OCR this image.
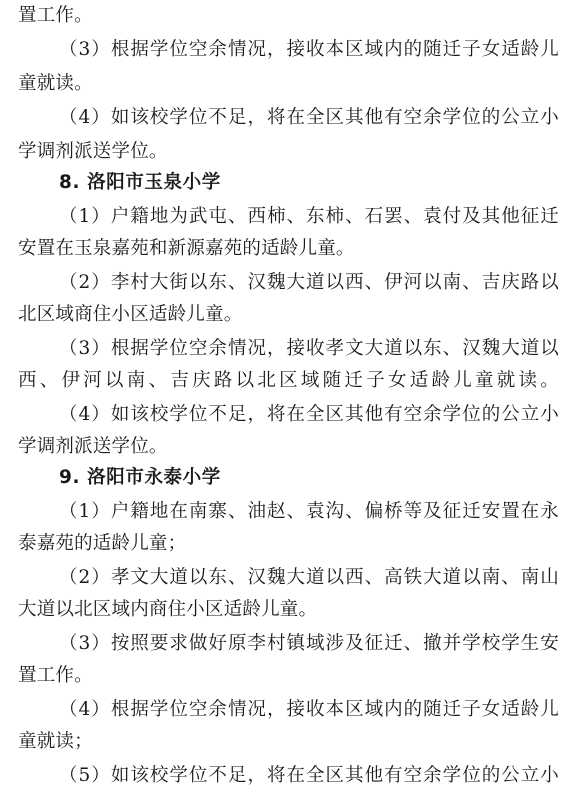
置工作。
（3）根据学位空余情况，接收本区域内的随迁子女适龄儿
童就读。
（4）如该校学位不足，将在全区其他有空余学位的公立小
学调剂派送学位。
8. 洛阳市玉泉小学
（1）户籍地为武屯、西柿、东柿、石罢、袁付及其他征迁
安置在玉泉嘉苑和新源嘉苑的适龄儿童。
（2）李村大街以东、汉魏大道以西、伊河以南、吉庆路以
北区域商住小区适龄儿童。
（3）根据学位空余情况，接收孝文大道以东、汉魏大道以
西、伊河以南、吉庆路以北区域随迁子女适龄儿童就读。
（4）如该校学位不足，将在全区其他有空余学位的公立小
学调剂派送学位。
9. 洛阳市永泰小学
（1）户籍地在南寨、油赵、袁沟、偏桥等及征迁安置在永
泰嘉苑的适龄儿童；
（2）孝文大道以东、汉魏大道以西、高铁大道以南、南山
大道以北区域内商住小区适龄儿童。
（3）按照要求做好原李村镇域涉及征迁、撤并学校学生安
置工作。
（4）根据学位空余情况，接收本区域内的随迁子女适龄儿
童就读；
（5）如该校学位不足，将在全区其他有空余学位的公立小
